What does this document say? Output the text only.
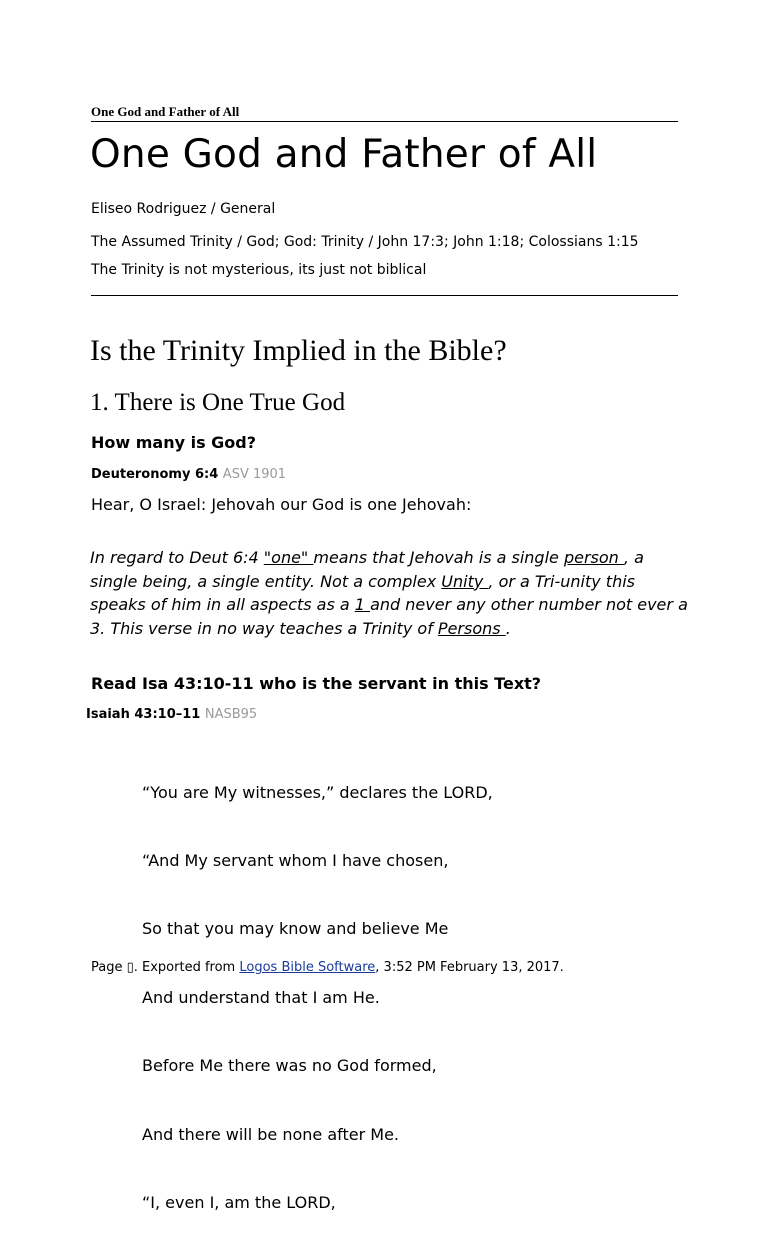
One God and Father of All
One God and Father of All
Eliseo Rodriguez / General
The Assumed Trinity / God; God: Trinity / John 17:3; John 1:18; Colossians 1:15
The Trinity is not mysterious, its just not biblical
Is the Trinity Implied in the Bible?
1. There is One True God
How many is God?
Deuteronomy 6:4 ASV 1901
Hear, O Israel: Jehovah our God is one Jehovah:
In regard to Deut 6:4 "one" means that Jehovah is a single person , a single being, a single entity. Not a complex Unity , or a Tri-unity this speaks of him in all aspects as a 1 and never any other number not ever a 3. This verse in no way teaches a Trinity of Persons .
Read Isa 43:10-11 who is the servant in this Text?
Isaiah 43:10–11 NASB95

“You are My witnesses,” declares the LORD,

“And My servant whom I have chosen,

So that you may know and believe Me

And understand that I am He.

Before Me there was no God formed,

And there will be none after Me.

“I, even I, am the LORD,

Page ▯. Exported from Logos Bible Software, 3:52 PM February 13, 2017.
